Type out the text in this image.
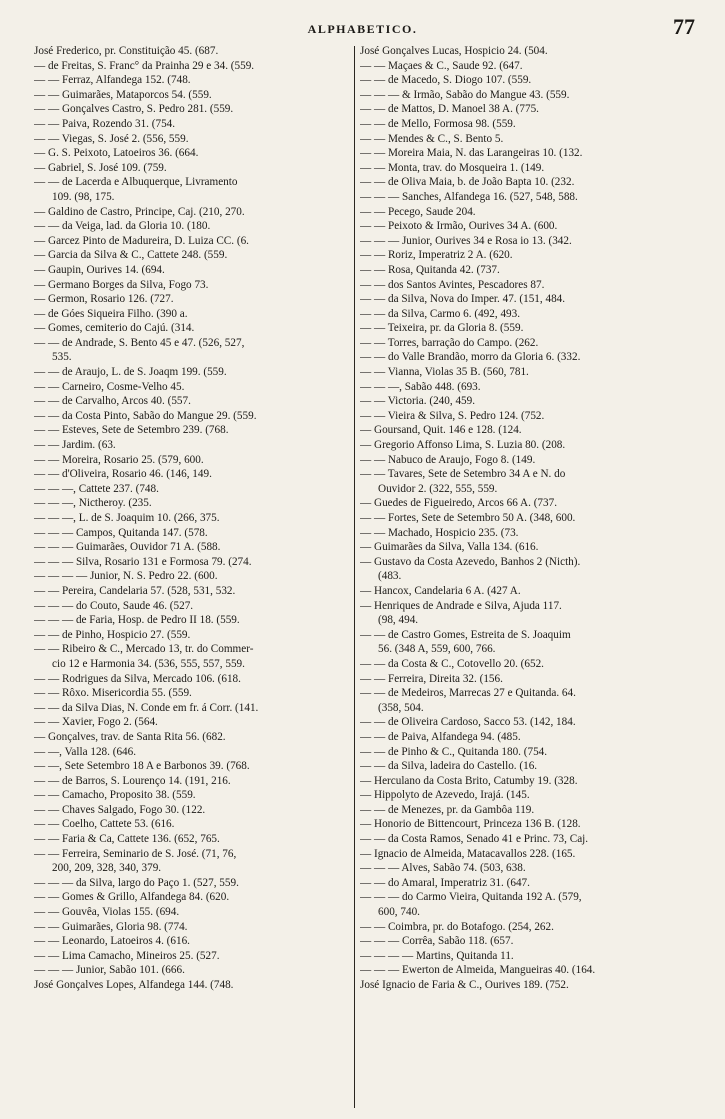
ALPHABETICO.	77
José Frederico, pr. Constituição 45. (687.
— de Freitas, S. Franc° da Prainha 29 e 34. (559.
— — Ferraz, Alfandega 152. (748.
— — Guimarães, Mataporcos 54. (559.
— — Gonçalves Castro, S. Pedro 281. (559.
— — Paiva, Rozendo 31. (754.
— — Viegas, S. José 2. (556, 559.
— G. S. Peixoto, Latoeiros 36. (664.
— Gabriel, S. José 109. (759.
— — de Lacerda e Albuquerque, Livramento
109. (98, 175.
— Galdino de Castro, Principe, Caj. (210, 270.
— — da Veiga, lad. da Gloria 10. (180.
— Garcez Pinto de Madureira, D. Luiza CC. (6.
— Garcia da Silva & C., Cattete 248. (559.
— Gaupin, Ourives 14. (694.
— Germano Borges da Silva, Fogo 73.
— Germon, Rosario 126. (727.
— de Góes Siqueira Filho. (390 a.
— Gomes, cemiterio do Cajú. (314.
— — de Andrade, S. Bento 45 e 47. (526, 527,
535.
— — de Araujo, L. de S. Joaqm 199. (559.
— — Carneiro, Cosme-Velho 45.
— — de Carvalho, Arcos 40. (557.
— — da Costa Pinto, Sabão do Mangue 29. (559.
— — Esteves, Sete de Setembro 239. (768.
— — Jardim. (63.
— — Moreira, Rosario 25. (579, 600.
— — d'Oliveira, Rosario 46. (146, 149.
— — —, Cattete 237. (748.
— — —, Nictheroy. (235.
— — —, L. de S. Joaquim 10. (266, 375.
— — — Campos, Quitanda 147. (578.
— — — Guimarães, Ouvidor 71 A. (588.
— — — Silva, Rosario 131 e Formosa 79. (274.
— — — — Junior, N. S. Pedro 22. (600.
— — Pereira, Candelaria 57. (528, 531, 532.
— — — do Couto, Saude 46. (527.
— — — de Faria, Hosp. de Pedro II 18. (559.
— — de Pinho, Hospicio 27. (559.
— — Ribeiro & C., Mercado 13, tr. do Commer-
cio 12 e Harmonia 34. (536, 555, 557, 559.
— — Rodrigues da Silva, Mercado 106. (618.
— — Rôxo. Misericordia 55. (559.
— — da Silva Dias, N. Conde em fr. á Corr. (141.
— — Xavier, Fogo 2. (564.
— Gonçalves, trav. de Santa Rita 56. (682.
— —, Valla 128. (646.
— —, Sete Setembro 18 A e Barbonos 39. (768.
— — de Barros, S. Lourenço 14. (191, 216.
— — Camacho, Proposito 38. (559.
— — Chaves Salgado, Fogo 30. (122.
— — Coelho, Cattete 53. (616.
— — Faria & Ca, Cattete 136. (652, 765.
— — Ferreira, Seminario de S. José. (71, 76,
200, 209, 328, 340, 379.
— — — da Silva, largo do Paço 1. (527, 559.
— — Gomes & Grillo, Alfandega 84. (620.
— — Gouvêa, Violas 155. (694.
— — Guimarães, Gloria 98. (774.
— — Leonardo, Latoeiros 4. (616.
— — Lima Camacho, Mineiros 25. (527.
— — — Junior, Sabão 101. (666.
José Gonçalves Lopes, Alfandega 144. (748.
José Gonçalves Lucas, Hospicio 24. (504.
— — Maçaes & C., Saude 92. (647.
— — de Macedo, S. Diogo 107. (559.
— — — & Irmão, Sabão do Mangue 43. (559.
— — de Mattos, D. Manoel 38 A. (775.
— — de Mello, Formosa 98. (559.
— — Mendes & C., S. Bento 5.
— — Moreira Maia, N. das Larangeiras 10. (132.
— — Monta, trav. do Mosqueira 1. (149.
— — de Oliva Maia, b. de João Bapta 10. (232.
— — — Sanches, Alfandega 16. (527, 548, 588.
— — Pecego, Saude 204.
— — Peixoto & Irmão, Ourives 34 A. (600.
— — — Junior, Ourives 34 e Rosa io 13. (342.
— — Roriz, Imperatriz 2 A. (620.
— — Rosa, Quitanda 42. (737.
— — dos Santos Avintes, Pescadores 87.
— — da Silva, Nova do Imper. 47. (151, 484.
— — da Silva, Carmo 6. (492, 493.
— — Teixeira, pr. da Gloria 8. (559.
— — Torres, barração do Campo. (262.
— — do Valle Brandão, morro da Gloria 6. (332.
— — Vianna, Violas 35 B. (560, 781.
— — —, Sabão 448. (693.
— — Victoria. (240, 459.
— — Vieira & Silva, S. Pedro 124. (752.
— Goursand, Quit. 146 e 128. (124.
— Gregorio Affonso Lima, S. Luzia 80. (208.
— — Nabuco de Araujo, Fogo 8. (149.
— — Tavares, Sete de Setembro 34 A e N. do
Ouvidor 2. (322, 555, 559.
— Guedes de Figueiredo, Arcos 66 A. (737.
— — Fortes, Sete de Setembro 50 A. (348, 600.
— — Machado, Hospicio 235. (73.
— Guimarães da Silva, Valla 134. (616.
— Gustavo da Costa Azevedo, Banhos 2 (Nicth).
(483.
— Hancox, Candelaria 6 A. (427 A.
— Henriques de Andrade e Silva, Ajuda 117.
(98, 494.
— — de Castro Gomes, Estreita de S. Joaquim
56. (348 A, 559, 600, 766.
— — da Costa & C., Cotovello 20. (652.
— — Ferreira, Direita 32. (156.
— — de Medeiros, Marrecas 27 e Quitanda. 64.
(358, 504.
— — de Oliveira Cardoso, Sacco 53. (142, 184.
— — de Paiva, Alfandega 94. (485.
— — de Pinho & C., Quitanda 180. (754.
— — da Silva, ladeira do Castello. (16.
— Herculano da Costa Brito, Catumby 19. (328.
— Hippolyto de Azevedo, Irajá. (145.
— — de Menezes, pr. da Gambôa 119.
— Honorio de Bittencourt, Princeza 136 B. (128.
— — da Costa Ramos, Senado 41 e Princ. 73, Caj.
— Ignacio de Almeida, Matacavallos 228. (165.
— — — Alves, Sabão 74. (503, 638.
— — do Amaral, Imperatriz 31. (647.
— — — do Carmo Vieira, Quitanda 192 A. (579,
600, 740.
— — Coimbra, pr. do Botafogo. (254, 262.
— — — Corrêa, Sabão 118. (657.
— — — — Martins, Quitanda 11.
— — — Ewerton de Almeida, Mangueiras 40. (164.
José Ignacio de Faria & C., Ourives 189. (752.
